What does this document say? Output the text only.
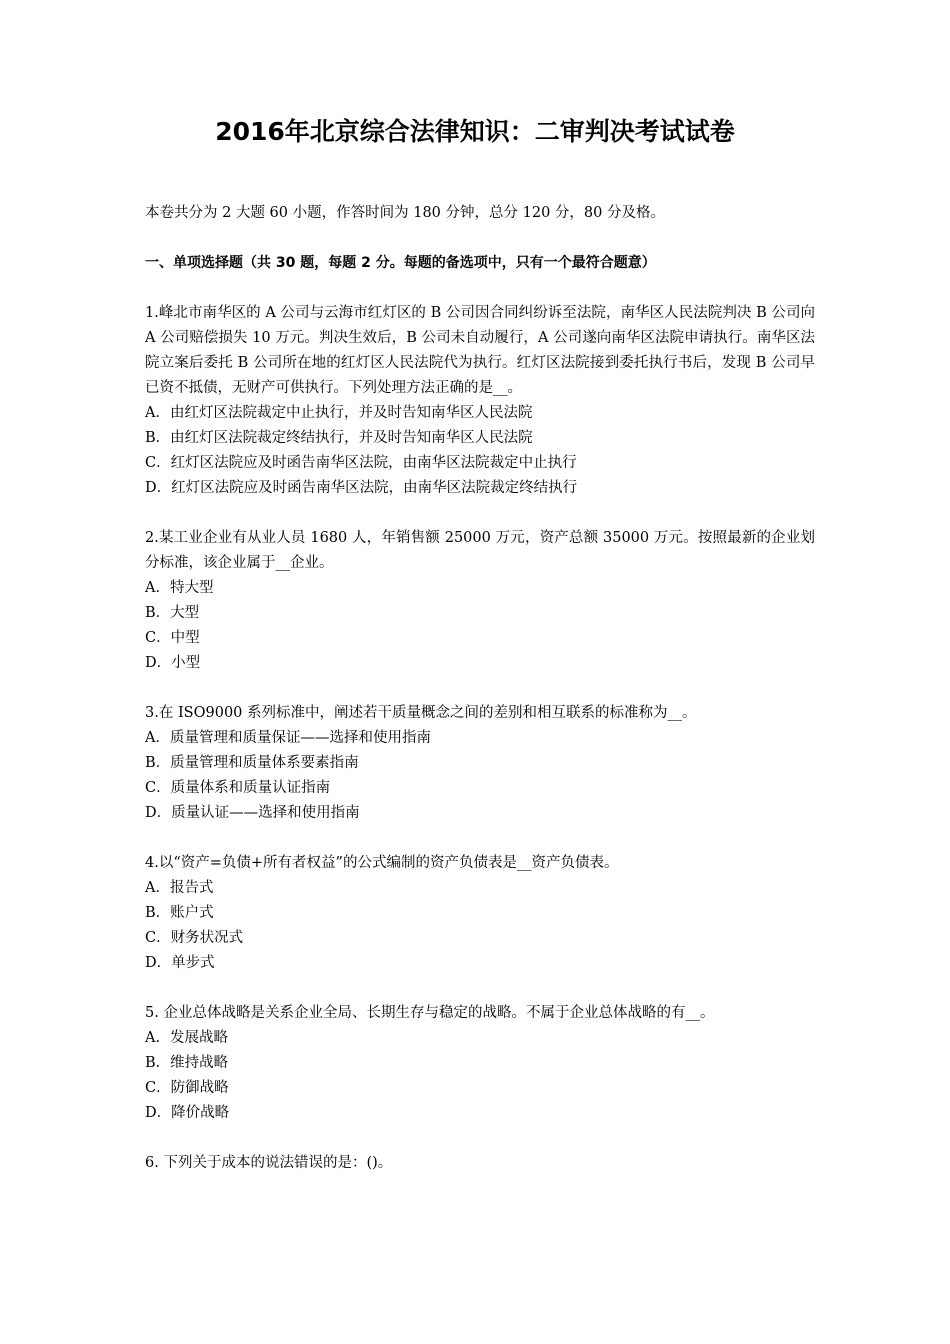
2016年北京综合法律知识：二审判决考试试卷

本卷共分为 2 大题 60 小题，作答时间为 180 分钟，总分 120 分，80 分及格。

一、单项选择题（共 30 题，每题 2 分。每题的备选项中，只有一个最符合题意）

1.峰北市南华区的 A 公司与云海市红灯区的 B 公司因合同纠纷诉至法院，南华区人民法院判决 B 公司向 A 公司赔偿损失 10 万元。判决生效后，B 公司未自动履行，A 公司遂向南华区法院申请执行。南华区法院立案后委托 B 公司所在地的红灯区人民法院代为执行。红灯区法院接到委托执行书后，发现 B 公司早已资不抵债，无财产可供执行。下列处理方法正确的是__。

A．由红灯区法院裁定中止执行，并及时告知南华区人民法院

B．由红灯区法院裁定终结执行，并及时告知南华区人民法院

C．红灯区法院应及时函告南华区法院，由南华区法院裁定中止执行

D．红灯区法院应及时函告南华区法院，由南华区法院裁定终结执行

2.某工业企业有从业人员 1680 人，年销售额 25000 万元，资产总额 35000 万元。按照最新的企业划分标准，该企业属于__企业。

A．特大型

B．大型

C．中型

D．小型

3.在 ISO9000 系列标准中，阐述若干质量概念之间的差别和相互联系的标准称为__。

A．质量管理和质量保证——选择和使用指南

B．质量管理和质量体系要素指南

C．质量体系和质量认证指南

D．质量认证——选择和使用指南

4.以“资产=负债+所有者权益”的公式编制的资产负债表是__资产负债表。

A．报告式

B．账户式

C．财务状况式

D．单步式

5. 企业总体战略是关系企业全局、长期生存与稳定的战略。不属于企业总体战略的有__。

A．发展战略

B．维持战略

C．防御战略

D．降价战略

6. 下列关于成本的说法错误的是：()。
